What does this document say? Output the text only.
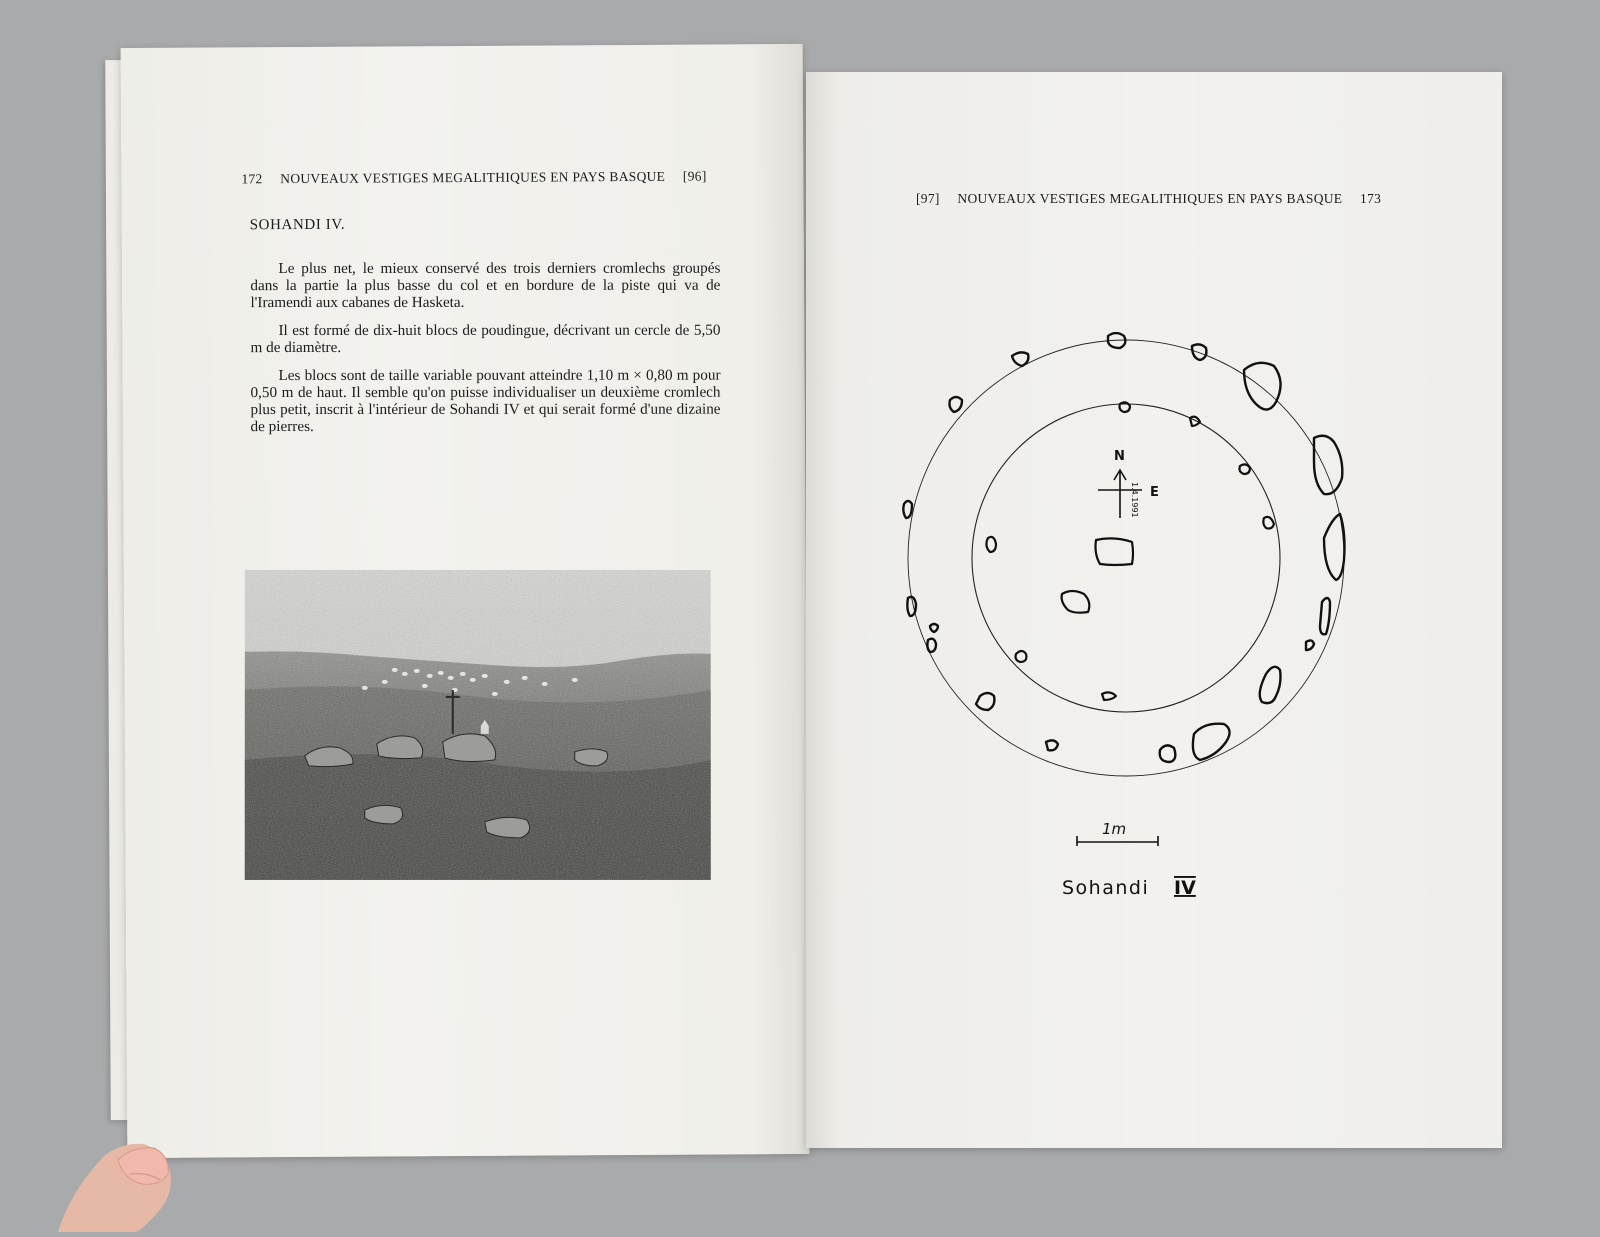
172 NOUVEAUX VESTIGES MEGALITHIQUES EN PAYS BASQUE [96]
SOHANDI IV.

Le plus net, le mieux conservé des trois derniers cromlechs groupés dans la partie la plus basse du col et en bordure de la piste qui va de l'Iramendi aux cabanes de Hasketa.

Il est formé de dix-huit blocs de poudingue, décrivant un cercle de 5,50 m de diamètre.

Les blocs sont de taille variable pouvant atteindre 1,10 m × 0,80 m pour 0,50 m de haut. Il semble qu'on puisse individualiser un deuxième cromlech plus petit, inscrit à l'intérieur de Sohandi IV et qui serait formé d'une dizaine de pierres.

[97] NOUVEAUX VESTIGES MEGALITHIQUES EN PAYS BASQUE 173
N
E
1.4.1991
1m
Sohandi IV
